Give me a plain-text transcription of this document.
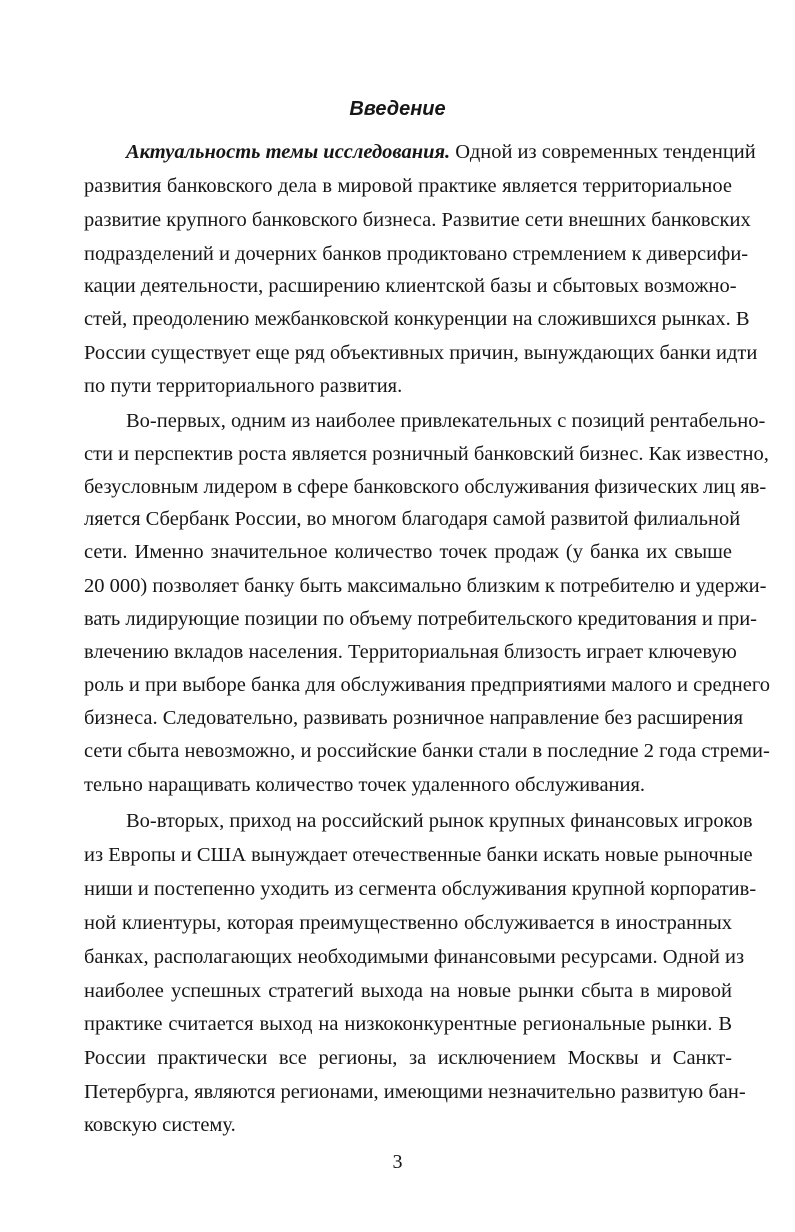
Введение
Актуальность темы исследования. Одной из современных тенденций
развития банковского дела в мировой практике является территориальное
развитие крупного банковского бизнеса. Развитие сети внешних банковских
подразделений и дочерних банков продиктовано стремлением к диверсифи-
кации деятельности, расширению клиентской базы и сбытовых возможно-
стей, преодолению межбанковской конкуренции на сложившихся рынках. В
России существует еще ряд объективных причин, вынуждающих банки идти
по пути территориального развития.
Во-первых, одним из наиболее привлекательных с позиций рентабельно-
сти и перспектив роста является розничный банковский бизнес. Как известно,
безусловным лидером в сфере банковского обслуживания физических лиц яв-
ляется Сбербанк России, во многом благодаря самой развитой филиальной
сети. Именно значительное количество точек продаж (у банка их свыше
20 000) позволяет банку быть максимально близким к потребителю и удержи-
вать лидирующие позиции по объему потребительского кредитования и при-
влечению вкладов населения. Территориальная близость играет ключевую
роль и при выборе банка для обслуживания предприятиями малого и среднего
бизнеса. Следовательно, развивать розничное направление без расширения
сети сбыта невозможно, и российские банки стали в последние 2 года стреми-
тельно наращивать количество точек удаленного обслуживания.
Во-вторых, приход на российский рынок крупных финансовых игроков
из Европы и США вынуждает отечественные банки искать новые рыночные
ниши и постепенно уходить из сегмента обслуживания крупной корпоратив-
ной клиентуры, которая преимущественно обслуживается в иностранных
банках, располагающих необходимыми финансовыми ресурсами. Одной из
наиболее успешных стратегий выхода на новые рынки сбыта в мировой
практике считается выход на низкоконкурентные региональные рынки. В
России практически все регионы, за исключением Москвы и Санкт-
Петербурга, являются регионами, имеющими незначительно развитую бан-
ковскую систему.
3
